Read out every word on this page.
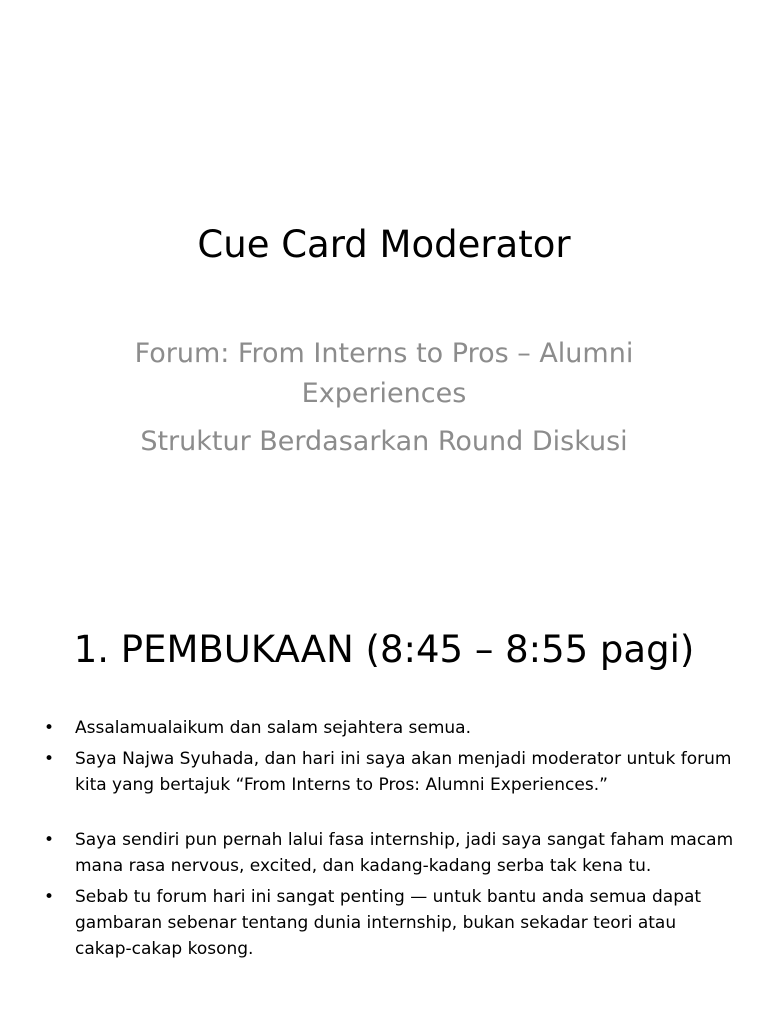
Cue Card Moderator

Forum: From Interns to Pros – Alumni Experiences

Struktur Berdasarkan Round Diskusi

1. PEMBUKAAN (8:45 – 8:55 pagi)
• Assalamualaikum dan salam sejahtera semua.
• Saya Najwa Syuhada, dan hari ini saya akan menjadi moderator untuk forum kita yang bertajuk “From Interns to Pros: Alumni Experiences.”
• Saya sendiri pun pernah lalui fasa internship, jadi saya sangat faham macam mana rasa nervous, excited, dan kadang-kadang serba tak kena tu.
• Sebab tu forum hari ini sangat penting — untuk bantu anda semua dapat gambaran sebenar tentang dunia internship, bukan sekadar teori atau cakap-cakap kosong.
